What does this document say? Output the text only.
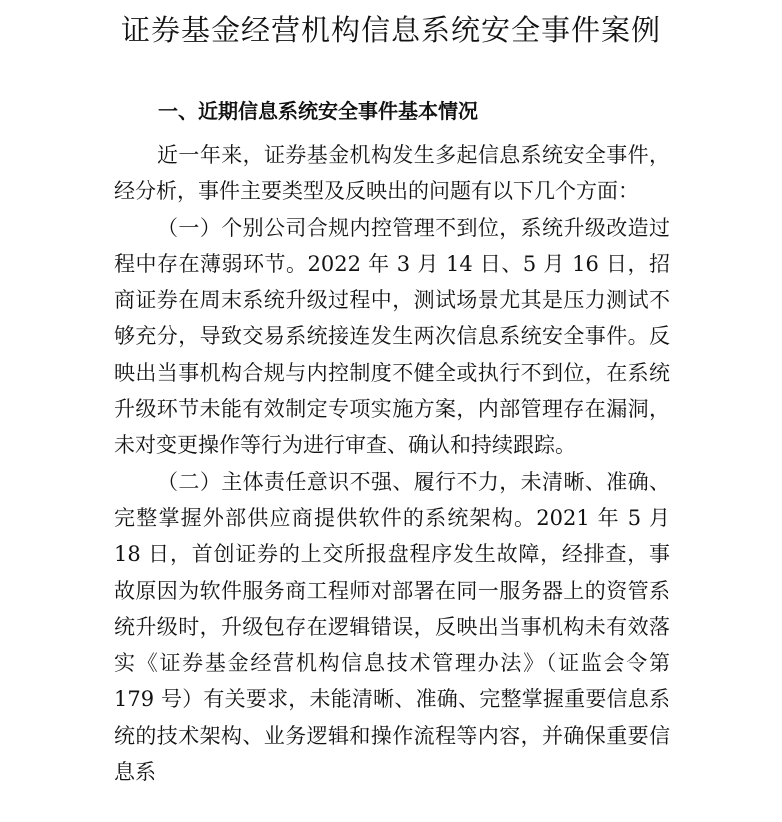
证券基金经营机构信息系统安全事件案例
一、近期信息系统安全事件基本情况

近一年来，证券基金机构发生多起信息系统安全事件，经分析，事件主要类型及反映出的问题有以下几个方面：

（一）个别公司合规内控管理不到位，系统升级改造过程中存在薄弱环节。2022 年 3 月 14 日、5 月 16 日，招商证券在周末系统升级过程中，测试场景尤其是压力测试不够充分，导致交易系统接连发生两次信息系统安全事件。反映出当事机构合规与内控制度不健全或执行不到位，在系统升级环节未能有效制定专项实施方案，内部管理存在漏洞，未对变更操作等行为进行审查、确认和持续跟踪。

（二）主体责任意识不强、履行不力，未清晰、准确、完整掌握外部供应商提供软件的系统架构。2021 年 5 月 18 日，首创证券的上交所报盘程序发生故障，经排查，事故原因为软件服务商工程师对部署在同一服务器上的资管系统升级时，升级包存在逻辑错误，反映出当事机构未有效落实《证券基金经营机构信息技术管理办法》（证监会令第 179 号）有关要求，未能清晰、准确、完整掌握重要信息系统的技术架构、业务逻辑和操作流程等内容，并确保重要信息系
